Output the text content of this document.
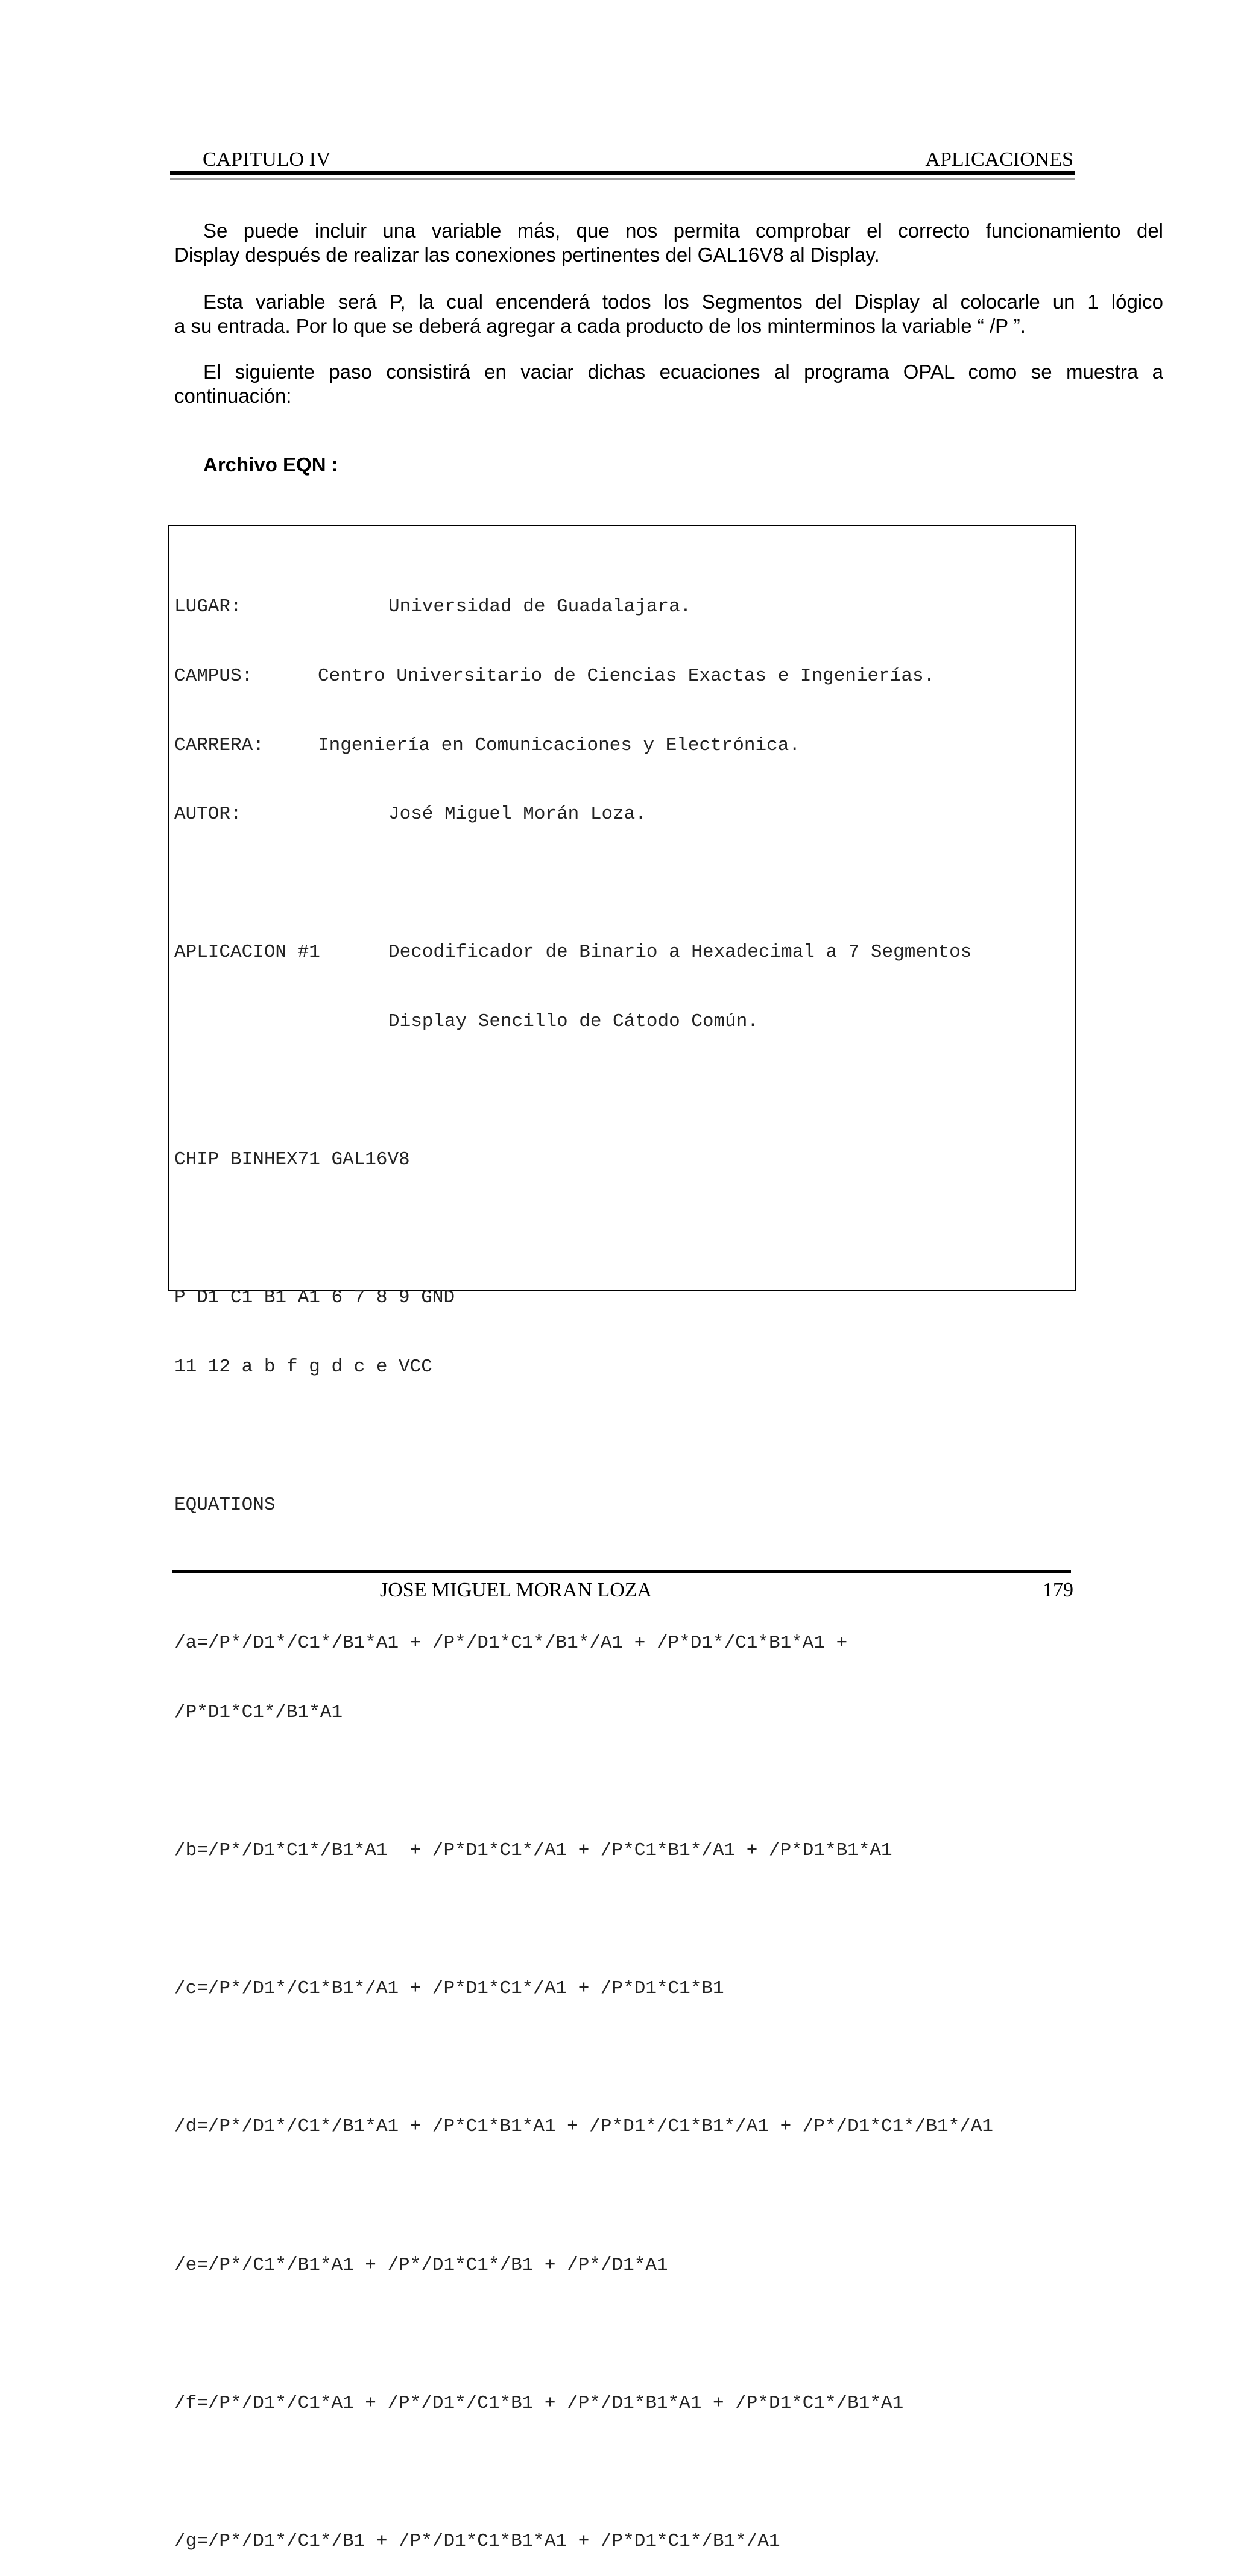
CAPITULO IV	APLICACIONES
Se puede incluir una variable más, que nos permita comprobar el correcto funcionamiento del
Display después de realizar las conexiones pertinentes del GAL16V8 al Display.
Esta variable será P, la cual encenderá todos los Segmentos del Display al colocarle un 1 lógico
a su entrada. Por lo que se deberá agregar a cada producto de los minterminos la variable “ /P ”.
El siguiente paso consistirá en vaciar dichas ecuaciones al programa OPAL como se muestra a
continuación:
Archivo EQN :

LUGAR:	Universidad de Guadalajara.

CAMPUS:	Centro Universitario de Ciencias Exactas e Ingenierías.

CARRERA:	Ingeniería en Comunicaciones y Electrónica.

AUTOR:	José Miguel Morán Loza.

APLICACION #1	Decodificador de Binario a Hexadecimal a 7 Segmentos

Display Sencillo de Cátodo Común.

CHIP BINHEX71 GAL16V8

P D1 C1 B1 A1 6 7 8 9 GND

11 12 a b f g d c e VCC

EQUATIONS

/a=/P*/D1*/C1*/B1*A1 + /P*/D1*C1*/B1*/A1 + /P*D1*/C1*B1*A1 +

/P*D1*C1*/B1*A1

/b=/P*/D1*C1*/B1*A1  + /P*D1*C1*/A1 + /P*C1*B1*/A1 + /P*D1*B1*A1

/c=/P*/D1*/C1*B1*/A1 + /P*D1*C1*/A1 + /P*D1*C1*B1

/d=/P*/D1*/C1*/B1*A1 + /P*C1*B1*A1 + /P*D1*/C1*B1*/A1 + /P*/D1*C1*/B1*/A1

/e=/P*/C1*/B1*A1 + /P*/D1*C1*/B1 + /P*/D1*A1

/f=/P*/D1*/C1*A1 + /P*/D1*/C1*B1 + /P*/D1*B1*A1 + /P*D1*C1*/B1*A1

/g=/P*/D1*/C1*/B1 + /P*/D1*C1*B1*A1 + /P*D1*C1*/B1*/A1

JOSE MIGUEL MORAN LOZA	179
